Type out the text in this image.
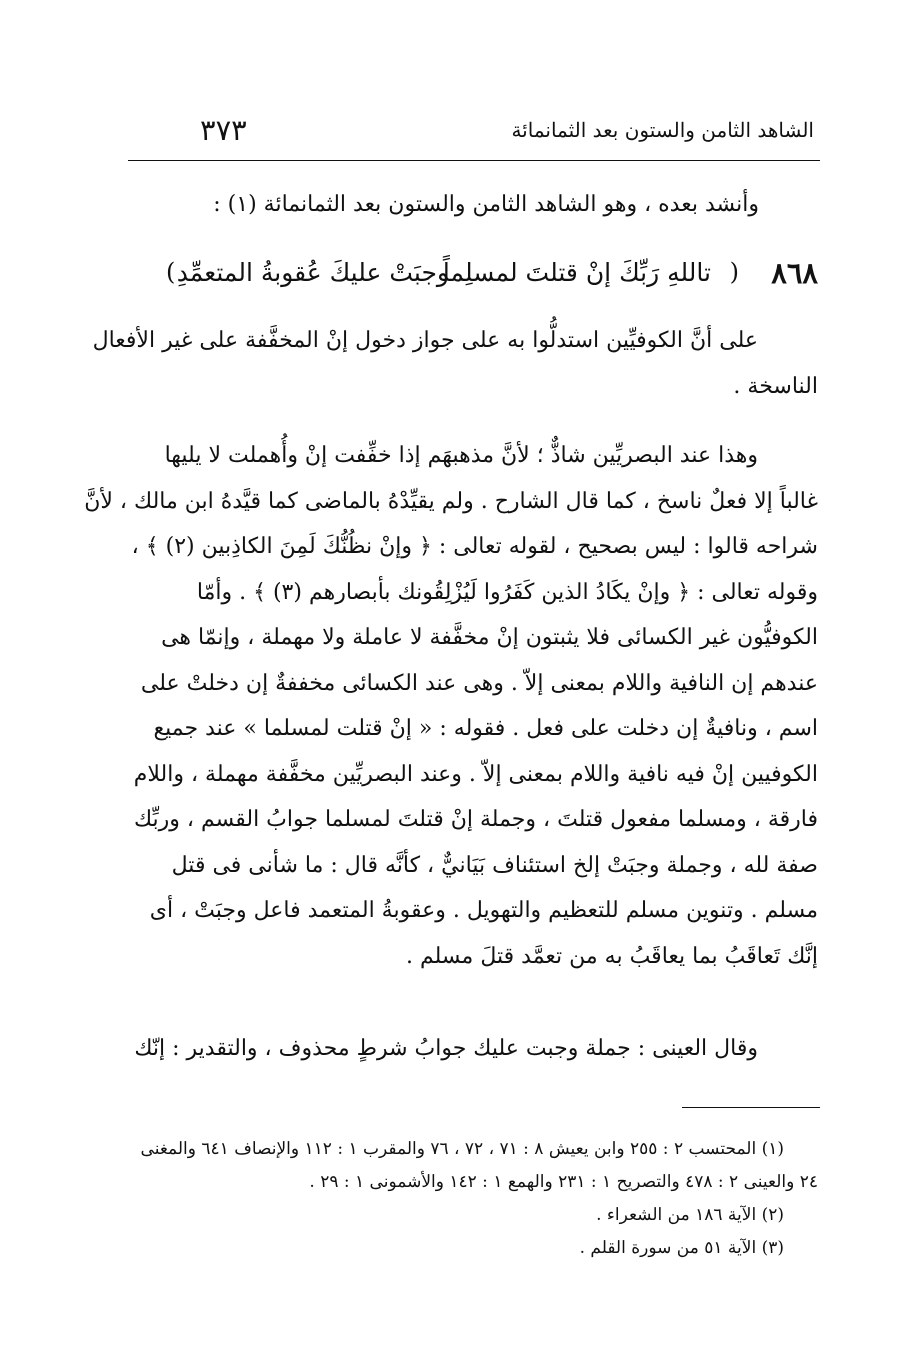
الشاهد الثامن والستون بعد الثمانمائة
٣٧٣
وأنشد بعده ، وهو الشاهد الثامن والستون بعد الثمانمائة (١) :
٨٦٨
(
تاللهِ رَبِّكَ إنْ قتلتَ لمسلِماً
وجبَتْ عليكَ عُقوبةُ المتعمِّدِ
)

على أنَّ الكوفيِّين استدلُّوا به على جواز دخول إنْ المخفَّفة على غير الأفعال

الناسخة .

وهذا عند البصريِّين شاذٌّ ؛ لأنَّ مذهبهَم إذا خفِّفت إنْ وأُهملت لا يليها

غالباً إلا فعلٌ ناسخ ، كما قال الشارح . ولم يقيِّدْهُ بالماضى كما قيَّدهُ ابن مالك ، لأنَّ

شراحه قالوا : ليس بصحيح ، لقوله تعالى : ﴿ وإنْ نظُنُّكَ لَمِنَ الكاذِبين (٢) ﴾ ،

وقوله تعالى : ﴿ وإنْ يكَادُ الذين كَفَرُوا لَيُزْلِقُونك بأبصارهم (٣) ﴾ . وأمّا

الكوفيُّون غير الكسائى فلا يثبتون إنْ مخفَّفة لا عاملة ولا مهملة ، وإنمّا هى

عندهم إن النافية واللام بمعنى إلاّ . وهى عند الكسائى مخففةٌ إن دخلتْ على

اسم ، ونافيةٌ إن دخلت على فعل . فقوله : « إنْ قتلت لمسلما » عند جميع

الكوفيين إنْ فيه نافية واللام بمعنى إلاّ . وعند البصريِّين مخفَّفة مهملة ، واللام

فارقة ، ومسلما مفعول قتلتَ ، وجملة إنْ قتلتَ لمسلما جوابُ القسم ، وربِّك

صفة لله ، وجملة وجبَتْ إلخ استئناف بَيَانيٌّ ، كأنَّه قال : ما شأنى فى قتل

مسلم . وتنوين مسلم للتعظيم والتهويل . وعقوبةُ المتعمد فاعل وجبَتْ ، أى

إنَّك تَعاقَبُ بما يعاقَبُ به من تعمَّد قتلَ مسلم .

وقال العينى : جملة وجبت عليك جوابُ شرطٍ محذوف ، والتقدير : إنّك

(١) المحتسب ٢ : ٢٥٥ وابن يعيش ٨ : ٧١ ، ٧٢ ، ٧٦ والمقرب ١ : ١١٢ والإنصاف ٦٤١ والمغنى

٢٤ والعينى ٢ : ٤٧٨ والتصريح ١ : ٢٣١ والهمع ١ : ١٤٢ والأشمونى ١ : ٢٩ .

(٢) الآية ١٨٦ من الشعراء .

(٣) الآية ٥١ من سورة القلم .
